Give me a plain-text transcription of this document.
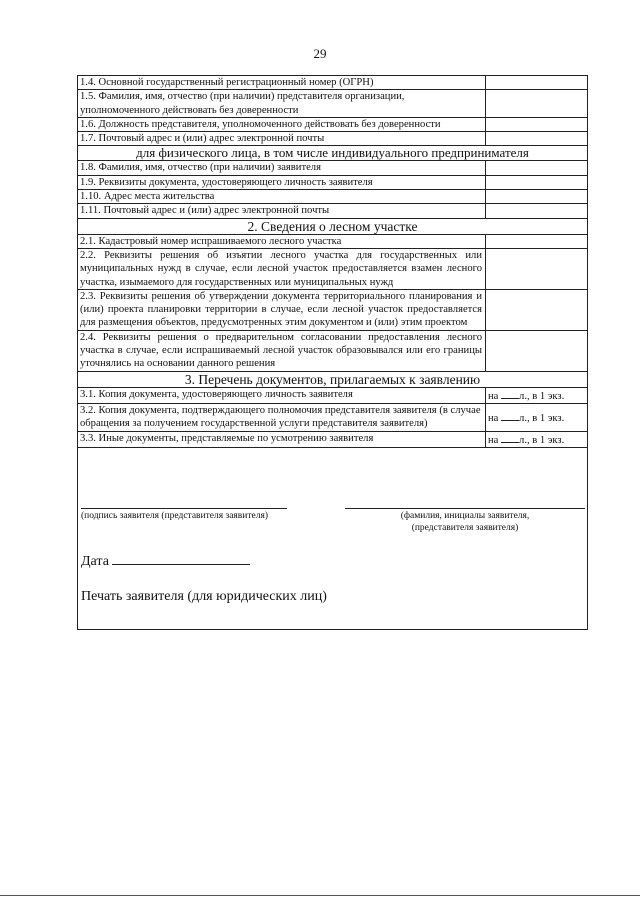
29
1.4. Основной государственный регистрационный номер (ОГРН)	
1.5. Фамилия, имя, отчество (при наличии) представителя организации, уполномоченного действовать без доверенности	
1.6. Должность представителя, уполномоченного действовать без доверенности	
1.7. Почтовый адрес и (или) адрес электронной почты	
для физического лица, в том числе индивидуального предпринимателя	
1.8. Фамилия, имя, отчество (при наличии) заявителя	
1.9. Реквизиты документа, удостоверяющего личность заявителя	
1.10. Адрес места жительства	
1.11. Почтовый адрес и (или) адрес электронной почты	
2. Сведения о лесном участке	
2.1. Кадастровый номер испрашиваемого лесного участка	
2.2. Реквизиты решения об изъятии лесного участка для государственных или муниципальных нужд в случае, если лесной участок предоставляется взамен лесного участка, изымаемого для государственных или муниципальных нужд	
2.3. Реквизиты решения об утверждении документа территориального планирования и (или) проекта планировки территории в случае, если лесной участок предоставляется для размещения объектов, предусмотренных этим документом и (или) этим проектом	
2.4. Реквизиты решения о предварительном согласовании предоставления лесного участка в случае, если испрашиваемый лесной участок образовывался или его границы уточнялись на основании данного решения	
3. Перечень документов, прилагаемых к заявлению	
3.1. Копия документа, удостоверяющего личность заявителя	на л., в 1 экз.
3.2. Копия документа, подтверждающего полномочия представителя заявителя (в случае обращения за получением государственной услуги представителя заявителя)	на л., в 1 экз.
3.3. Иные документы, представляемые по усмотрению заявителя	на л., в 1 экз.

(подпись заявителя (представителя заявителя) (фамилия, инициалы заявителя,
(представителя заявителя)
Дата
Печать заявителя (для юридических лиц)	
